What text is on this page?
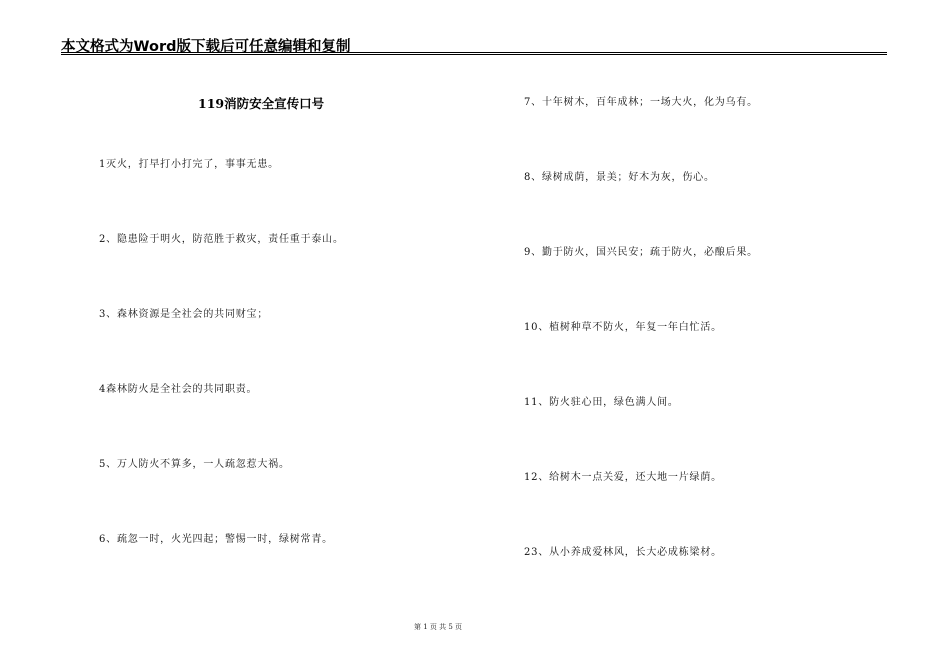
本文格式为Word版下载后可任意编辑和复制
119消防安全宣传口号
1灭火，打早打小打完了，事事无患。
2、隐患险于明火，防范胜于救灾，责任重于泰山。
3、森林资源是全社会的共同财宝；
4森林防火是全社会的共同职责。
5、万人防火不算多，一人疏忽惹大祸。
6、疏忽一时，火光四起；警惕一时，绿树常青。
7、十年树木，百年成林；一场大火，化为乌有。
8、绿树成荫，景美；好木为灰，伤心。
9、勤于防火，国兴民安；疏于防火，必酿后果。
10、植树种草不防火，年复一年白忙活。
11、防火驻心田，绿色满人间。
12、给树木一点关爱，还大地一片绿荫。
23、从小养成爱林风，长大必成栋梁材。
第 1 页 共 5 页
